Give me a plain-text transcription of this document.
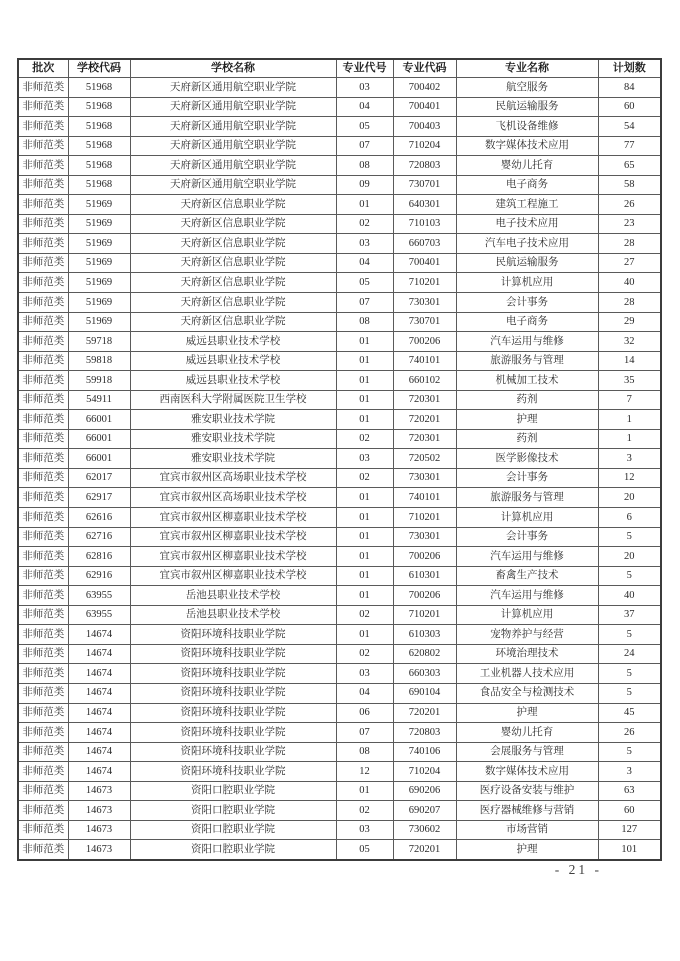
批次	学校代码	学校名称	专业代号	专业代码	专业名称	计划数
非师范类	51968	天府新区通用航空职业学院	03	700402	航空服务	84
非师范类	51968	天府新区通用航空职业学院	04	700401	民航运输服务	60
非师范类	51968	天府新区通用航空职业学院	05	700403	飞机设备维修	54
非师范类	51968	天府新区通用航空职业学院	07	710204	数字媒体技术应用	77
非师范类	51968	天府新区通用航空职业学院	08	720803	婴幼儿托育	65
非师范类	51968	天府新区通用航空职业学院	09	730701	电子商务	58
非师范类	51969	天府新区信息职业学院	01	640301	建筑工程施工	26
非师范类	51969	天府新区信息职业学院	02	710103	电子技术应用	23
非师范类	51969	天府新区信息职业学院	03	660703	汽车电子技术应用	28
非师范类	51969	天府新区信息职业学院	04	700401	民航运输服务	27
非师范类	51969	天府新区信息职业学院	05	710201	计算机应用	40
非师范类	51969	天府新区信息职业学院	07	730301	会计事务	28
非师范类	51969	天府新区信息职业学院	08	730701	电子商务	29
非师范类	59718	威远县职业技术学校	01	700206	汽车运用与维修	32
非师范类	59818	威远县职业技术学校	01	740101	旅游服务与管理	14
非师范类	59918	威远县职业技术学校	01	660102	机械加工技术	35
非师范类	54911	西南医科大学附属医院卫生学校	01	720301	药剂	7
非师范类	66001	雅安职业技术学院	01	720201	护理	1
非师范类	66001	雅安职业技术学院	02	720301	药剂	1
非师范类	66001	雅安职业技术学院	03	720502	医学影像技术	3
非师范类	62017	宜宾市叙州区高场职业技术学校	02	730301	会计事务	12
非师范类	62917	宜宾市叙州区高场职业技术学校	01	740101	旅游服务与管理	20
非师范类	62616	宜宾市叙州区柳嘉职业技术学校	01	710201	计算机应用	6
非师范类	62716	宜宾市叙州区柳嘉职业技术学校	01	730301	会计事务	5
非师范类	62816	宜宾市叙州区柳嘉职业技术学校	01	700206	汽车运用与维修	20
非师范类	62916	宜宾市叙州区柳嘉职业技术学校	01	610301	畜禽生产技术	5
非师范类	63955	岳池县职业技术学校	01	700206	汽车运用与维修	40
非师范类	63955	岳池县职业技术学校	02	710201	计算机应用	37
非师范类	14674	资阳环境科技职业学院	01	610303	宠物养护与经营	5
非师范类	14674	资阳环境科技职业学院	02	620802	环境治理技术	24
非师范类	14674	资阳环境科技职业学院	03	660303	工业机器人技术应用	5
非师范类	14674	资阳环境科技职业学院	04	690104	食品安全与检测技术	5
非师范类	14674	资阳环境科技职业学院	06	720201	护理	45
非师范类	14674	资阳环境科技职业学院	07	720803	婴幼儿托育	26
非师范类	14674	资阳环境科技职业学院	08	740106	会展服务与管理	5
非师范类	14674	资阳环境科技职业学院	12	710204	数字媒体技术应用	3
非师范类	14673	资阳口腔职业学院	01	690206	医疗设备安装与维护	63
非师范类	14673	资阳口腔职业学院	02	690207	医疗器械维修与营销	60
非师范类	14673	资阳口腔职业学院	03	730602	市场营销	127
非师范类	14673	资阳口腔职业学院	05	720201	护理	101
- 21 -
